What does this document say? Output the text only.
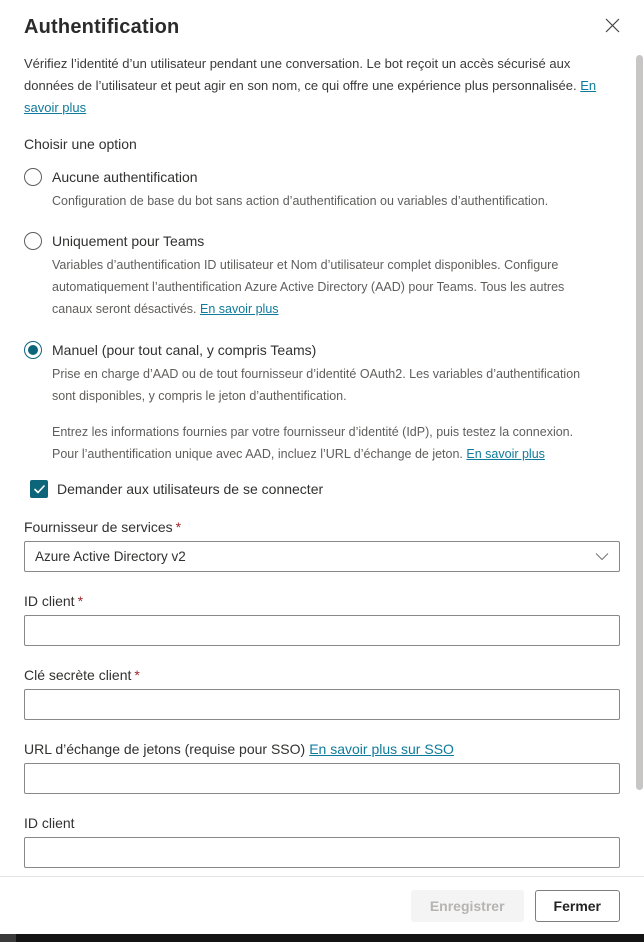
Authentification

Vérifiez l’identité d’un utilisateur pendant une conversation. Le bot reçoit un accès sécurisé aux données de l’utilisateur et peut agir en son nom, ce qui offre une expérience plus personnalisée. En savoir plus

Choisir une option
Aucune authentification
Configuration de base du bot sans action d’authentification ou variables d’authentification.
Uniquement pour Teams
Variables d’authentification ID utilisateur et Nom d’utilisateur complet disponibles. Configure automatiquement l’authentification Azure Active Directory (AAD) pour Teams. Tous les autres canaux seront désactivés. En savoir plus
Manuel (pour tout canal, y compris Teams)
Prise en charge d’AAD ou de tout fournisseur d’identité OAuth2. Les variables d’authentification sont disponibles, y compris le jeton d’authentification.

Entrez les informations fournies par votre fournisseur d’identité (IdP), puis testez la connexion. Pour l’authentification unique avec AAD, incluez l’URL d’échange de jeton. En savoir plus

Demander aux utilisateurs de se connecter
Fournisseur de services *
Azure Active Directory v2
ID client *
Clé secrète client *
URL d’échange de jetons (requise pour SSO) En savoir plus sur SSO
ID client
Enregistrer	Fermer
